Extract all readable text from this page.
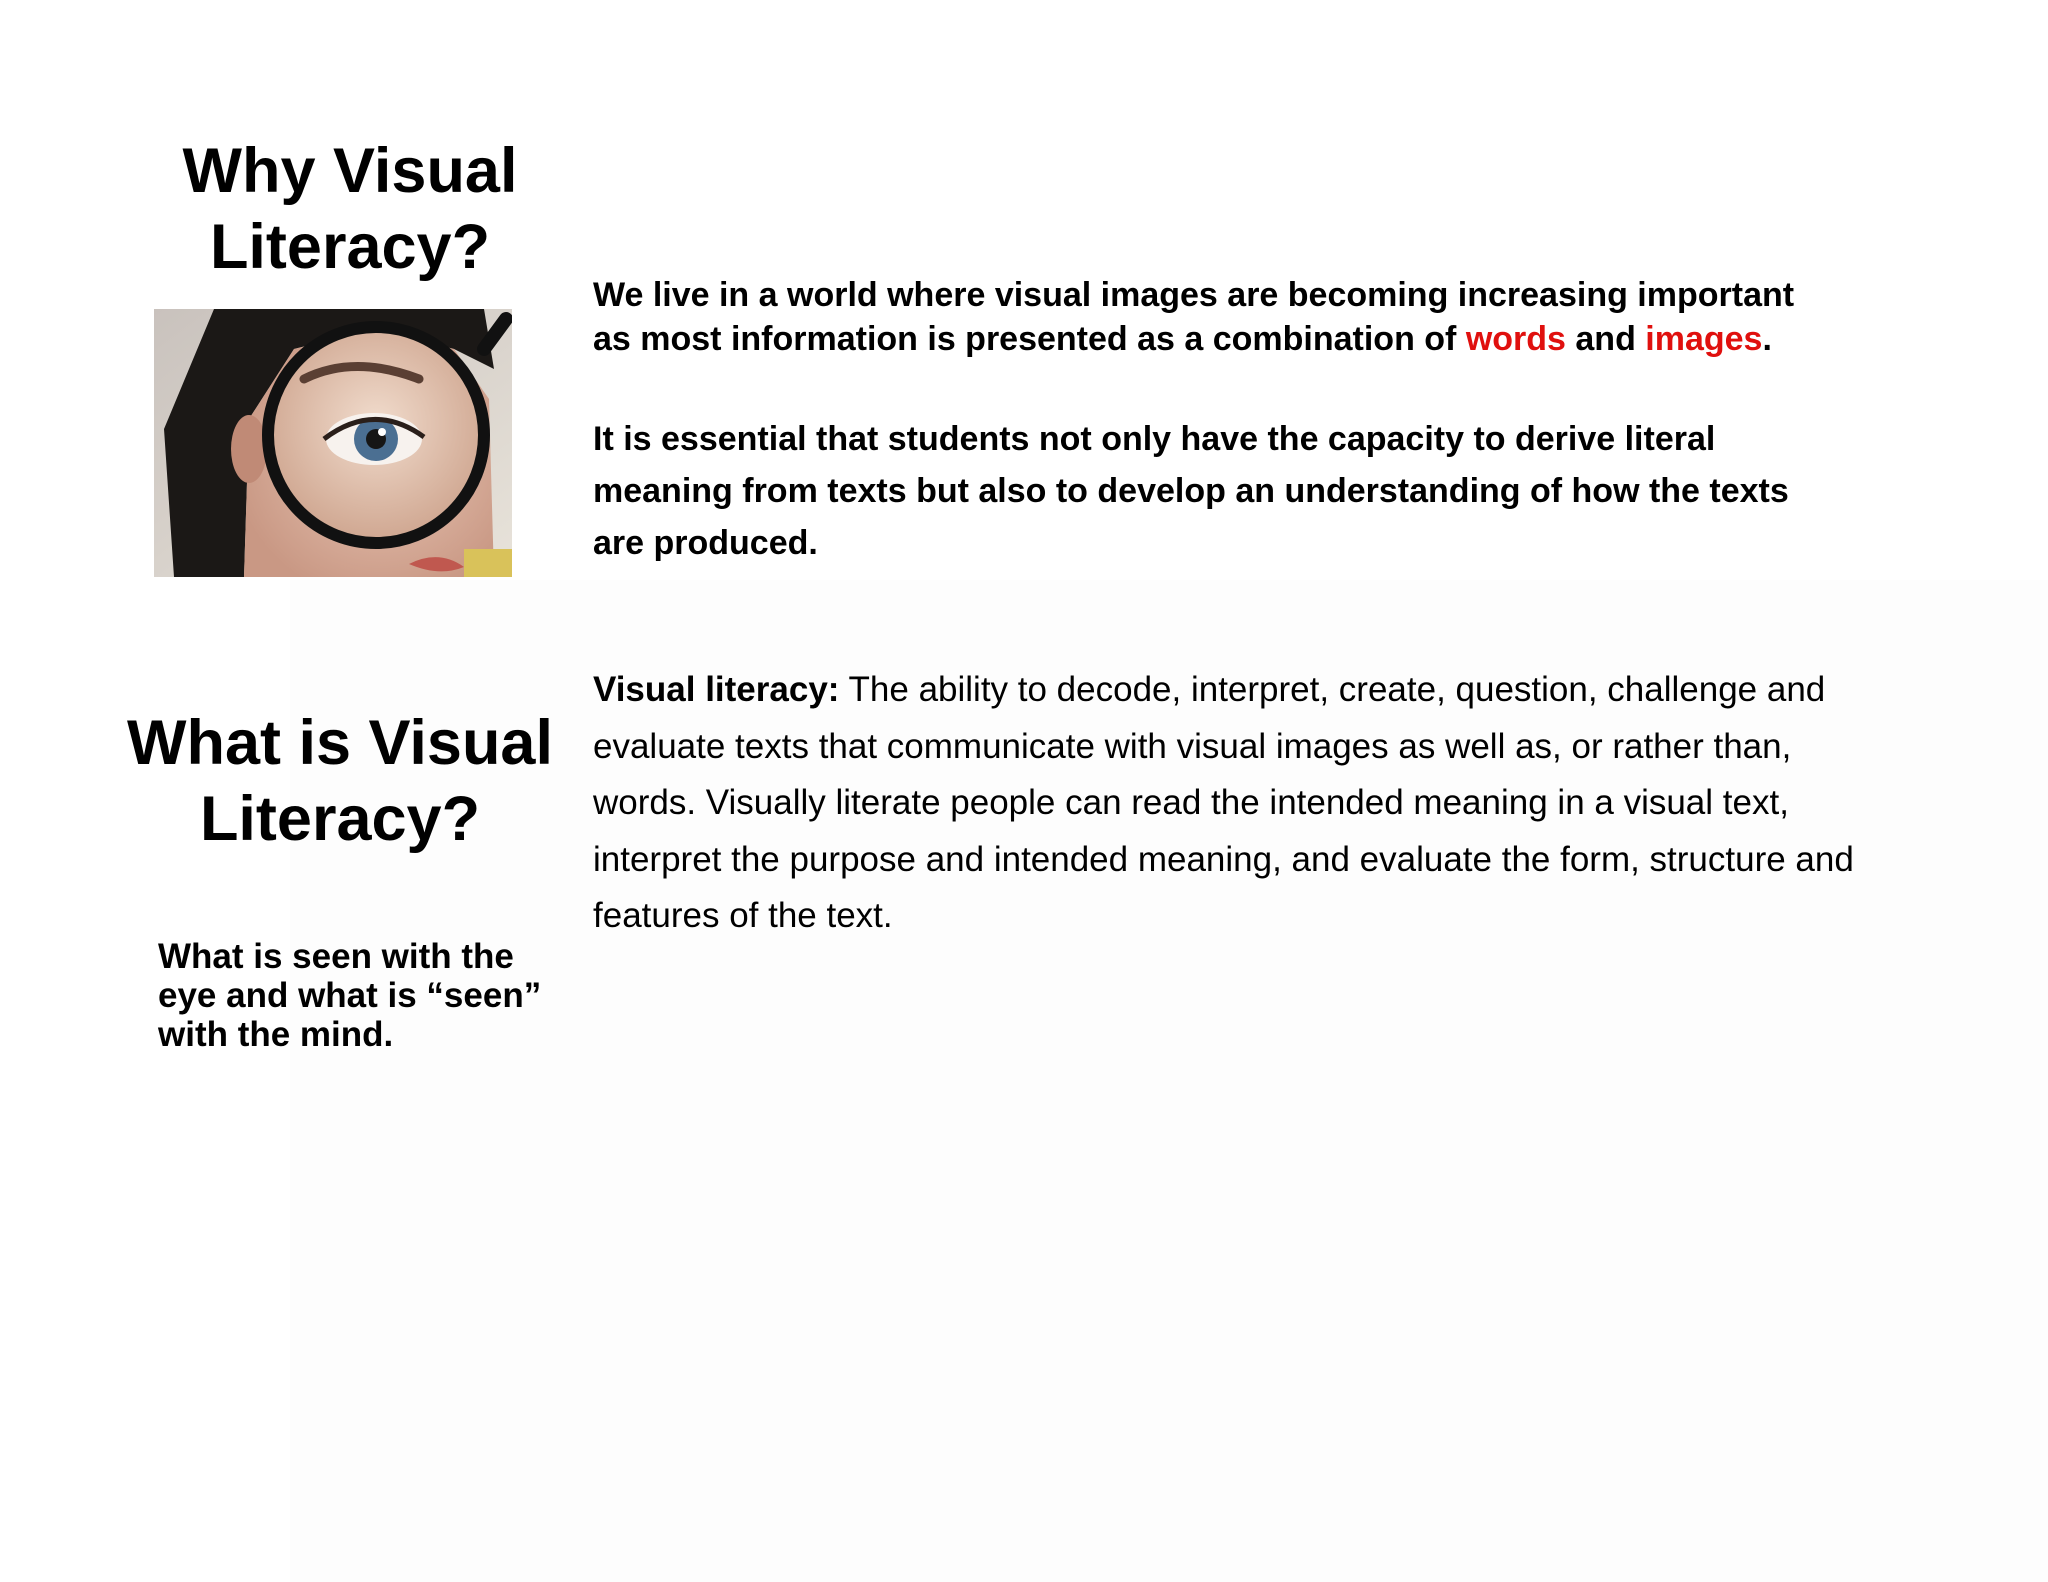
Why Visual
Literacy?

We live in a world where visual images are becoming increasing important as most information is presented as a combination of words and images.

It is essential that students not only have the capacity to derive literal meaning from texts but also to develop an understanding of how the texts are produced.

What is Visual
Literacy?

Visual literacy: The ability to decode, interpret, create, question, challenge and evaluate texts that communicate with visual images as well as, or rather than, words. Visually literate people can read the intended meaning in a visual text, interpret the purpose and intended meaning, and evaluate the form, structure and features of the text.

What is seen with the eye and what is “seen” with the mind.
